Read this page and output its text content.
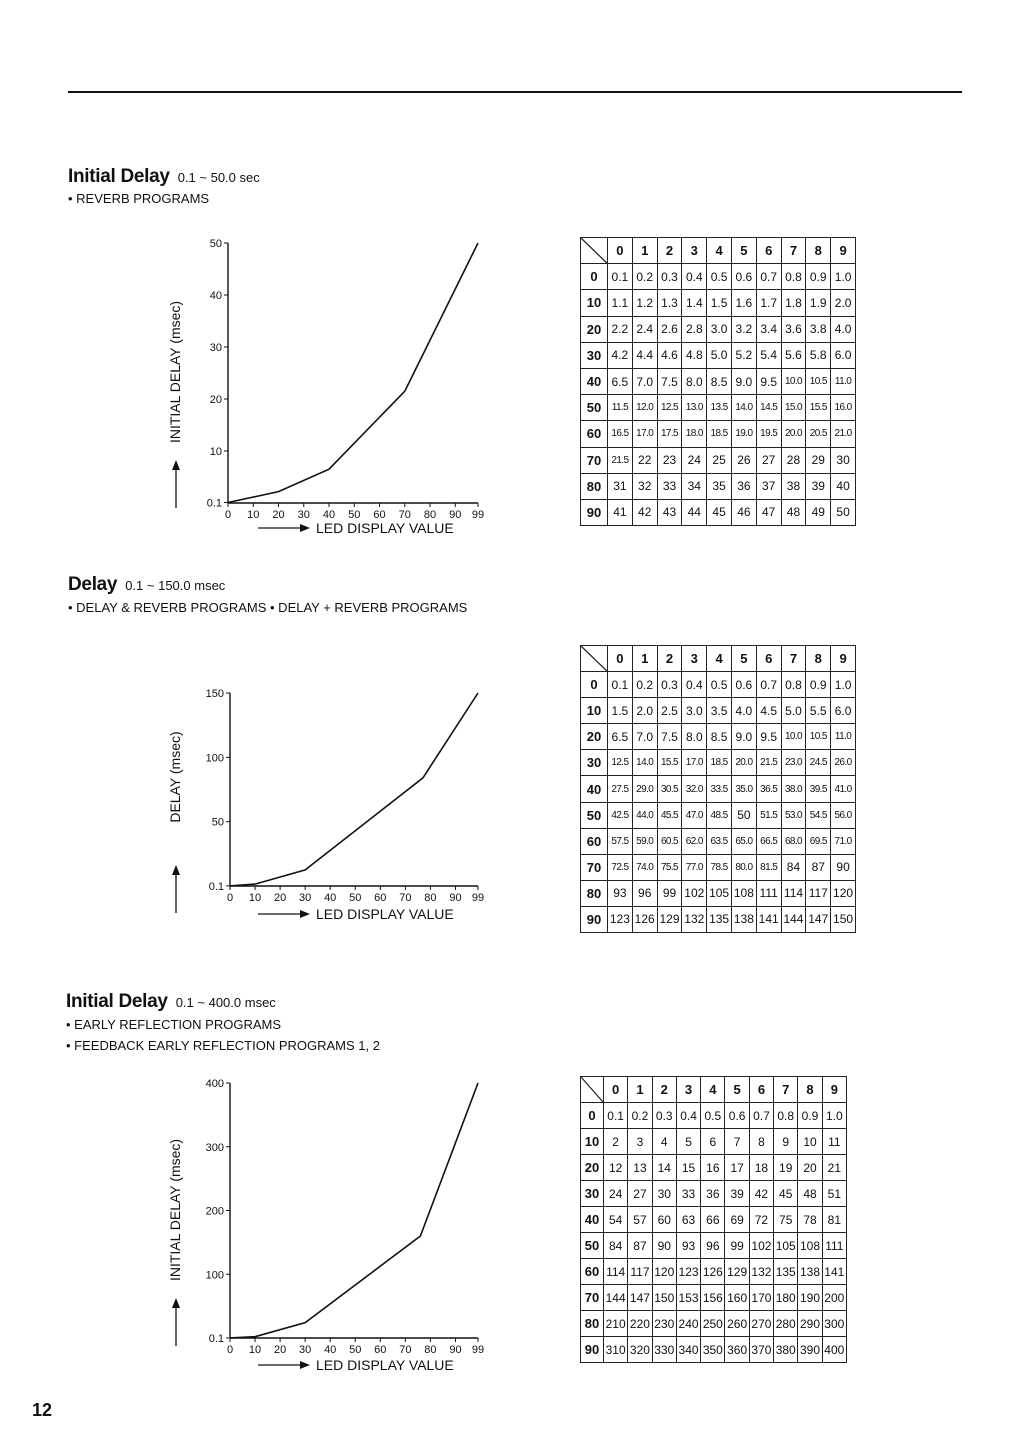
Initial Delay 0.1 ~ 50.0 sec
• REVERB PROGRAMS
0.1
10
20
30
40
50
0 10 20 30 40 50 60 70 80 90 99
INITIAL DELAY (msec)
LED DISPLAY VALUE
	0	1	2	3	4	5	6	7	8	9
0	0.1	0.2	0.3	0.4	0.5	0.6	0.7	0.8	0.9	1.0
10	1.1	1.2	1.3	1.4	1.5	1.6	1.7	1.8	1.9	2.0
20	2.2	2.4	2.6	2.8	3.0	3.2	3.4	3.6	3.8	4.0
30	4.2	4.4	4.6	4.8	5.0	5.2	5.4	5.6	5.8	6.0
40	6.5	7.0	7.5	8.0	8.5	9.0	9.5	10.0	10.5	11.0
50	11.5	12.0	12.5	13.0	13.5	14.0	14.5	15.0	15.5	16.0
60	16.5	17.0	17.5	18.0	18.5	19.0	19.5	20.0	20.5	21.0
70	21.5	22	23	24	25	26	27	28	29	30
80	31	32	33	34	35	36	37	38	39	40
90	41	42	43	44	45	46	47	48	49	50
Delay 0.1 ~ 150.0 msec
• DELAY & REVERB PROGRAMS • DELAY + REVERB PROGRAMS
0.1
50
100
150
0 10 20 30 40 50 60 70 80 90 99
DELAY (msec)
LED DISPLAY VALUE
	0	1	2	3	4	5	6	7	8	9
0	0.1	0.2	0.3	0.4	0.5	0.6	0.7	0.8	0.9	1.0
10	1.5	2.0	2.5	3.0	3.5	4.0	4.5	5.0	5.5	6.0
20	6.5	7.0	7.5	8.0	8.5	9.0	9.5	10.0	10.5	11.0
30	12.5	14.0	15.5	17.0	18.5	20.0	21.5	23.0	24.5	26.0
40	27.5	29.0	30.5	32.0	33.5	35.0	36.5	38.0	39.5	41.0
50	42.5	44.0	45.5	47.0	48.5	50	51.5	53.0	54.5	56.0
60	57.5	59.0	60.5	62.0	63.5	65.0	66.5	68.0	69.5	71.0
70	72.5	74.0	75.5	77.0	78.5	80.0	81.5	84	87	90
80	93	96	99	102	105	108	111	114	117	120
90	123	126	129	132	135	138	141	144	147	150
Initial Delay 0.1 ~ 400.0 msec
• EARLY REFLECTION PROGRAMS
• FEEDBACK EARLY REFLECTION PROGRAMS 1, 2
0.1
100
200
300
400
0 10 20 30 40 50 60 70 80 90 99
INITIAL DELAY (msec)
LED DISPLAY VALUE
	0	1	2	3	4	5	6	7	8	9
0	0.1	0.2	0.3	0.4	0.5	0.6	0.7	0.8	0.9	1.0
10	2	3	4	5	6	7	8	9	10	11
20	12	13	14	15	16	17	18	19	20	21
30	24	27	30	33	36	39	42	45	48	51
40	54	57	60	63	66	69	72	75	78	81
50	84	87	90	93	96	99	102	105	108	111
60	114	117	120	123	126	129	132	135	138	141
70	144	147	150	153	156	160	170	180	190	200
80	210	220	230	240	250	260	270	280	290	300
90	310	320	330	340	350	360	370	380	390	400
12
